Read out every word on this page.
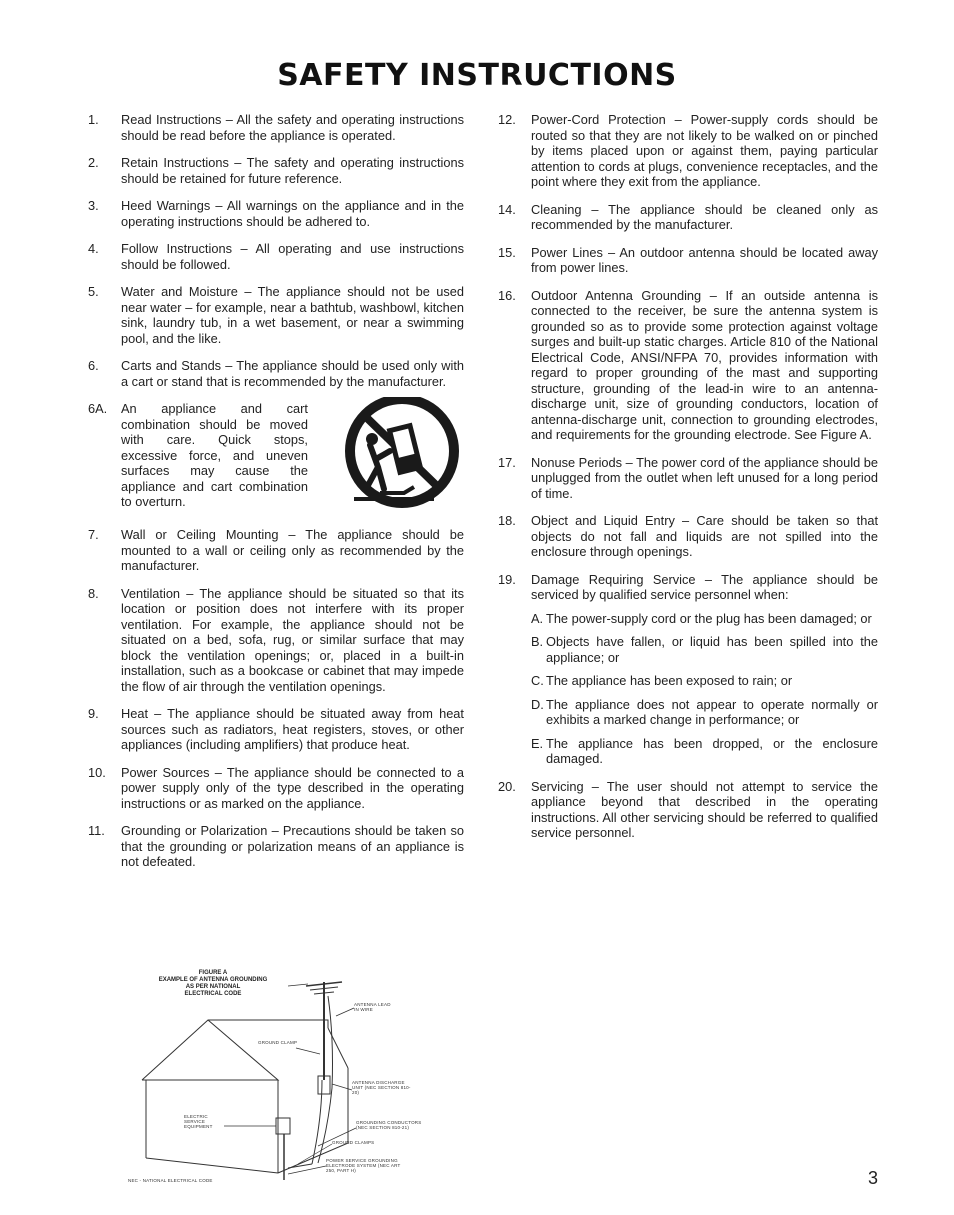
SAFETY INSTRUCTIONS
1.	Read Instructions – All the safety and operating instructions should be read before the appliance is operated.
2.	Retain Instructions – The safety and operating instructions should be retained for future reference.
3.	Heed Warnings – All warnings on the appliance and in the operating instructions should be adhered to.
4.	Follow Instructions – All operating and use instructions should be followed.
5.	Water and Moisture – The appliance should not be used near water – for example, near a bathtub, washbowl, kitchen sink, laundry tub, in a wet basement, or near a swimming pool, and the like.
6.	Carts and Stands – The appliance should be used only with a cart or stand that is recommended by the manufacturer.
6A.	An appliance and cart combination should be moved with care. Quick stops, excessive force, and uneven surfaces may cause the appliance and cart combination to overturn.
7.	Wall or Ceiling Mounting – The appliance should be mounted to a wall or ceiling only as recommended by the manufacturer.
8.	Ventilation – The appliance should be situated so that its location or position does not interfere with its proper ventilation. For example, the appliance should not be situated on a bed, sofa, rug, or similar surface that may block the ventilation openings; or, placed in a built-in installation, such as a bookcase or cabinet that may impede the flow of air through the ventilation openings.
9.	Heat – The appliance should be situated away from heat sources such as radiators, heat registers, stoves, or other appliances (including amplifiers) that produce heat.
10.	Power Sources – The appliance should be connected to a power supply only of the type described in the operating instructions or as marked on the appliance.
11.	Grounding or Polarization – Precautions should be taken so that the grounding or polarization means of an appliance is not defeated.
12.	Power-Cord Protection – Power-supply cords should be routed so that they are not likely to be walked on or pinched by items placed upon or against them, paying particular attention to cords at plugs, convenience receptacles, and the point where they exit from the appliance.
14.	Cleaning – The appliance should be cleaned only as recommended by the manufacturer.
15.	Power Lines – An outdoor antenna should be located away from power lines.
16.	Outdoor Antenna Grounding – If an outside antenna is connected to the receiver, be sure the antenna system is grounded so as to provide some protection against voltage surges and built-up static charges. Article 810 of the National Electrical Code, ANSI/NFPA 70, provides information with regard to proper grounding of the mast and supporting structure, grounding of the lead-in wire to an antenna-discharge unit, size of grounding conductors, location of antenna-discharge unit, connection to grounding electrodes, and requirements for the grounding electrode. See Figure A.
17.	Nonuse Periods – The power cord of the appliance should be unplugged from the outlet when left unused for a long period of time.
18.	Object and Liquid Entry – Care should be taken so that objects do not fall and liquids are not spilled into the enclosure through openings.
19.	Damage Requiring Service – The appliance should be serviced by qualified service personnel when:
A. The power-supply cord or the plug has been damaged; or
B. Objects have fallen, or liquid has been spilled into the appliance; or
C. The appliance has been exposed to rain; or
D. The appliance does not appear to operate normally or exhibits a marked change in performance; or
E. The appliance has been dropped, or the enclosure damaged.
20.	Servicing – The user should not attempt to service the appliance beyond that described in the operating instructions. All other servicing should be referred to qualified service personnel.
FIGURE A
EXAMPLE OF ANTENNA GROUNDING
AS PER NATIONAL
ELECTRICAL CODE
ANTENNA LEAD IN WIRE
GROUND CLAMP
ANTENNA DISCHARGE UNIT (NEC SECTION 810-20)
ELECTRIC SERVICE EQUIPMENT
GROUNDING CONDUCTORS (NEC SECTION 810-21)
GROUND CLAMPS
POWER SERVICE GROUNDING ELECTRODE SYSTEM (NEC ART 250, PART H)
NEC - NATIONAL ELECTRICAL CODE	3
